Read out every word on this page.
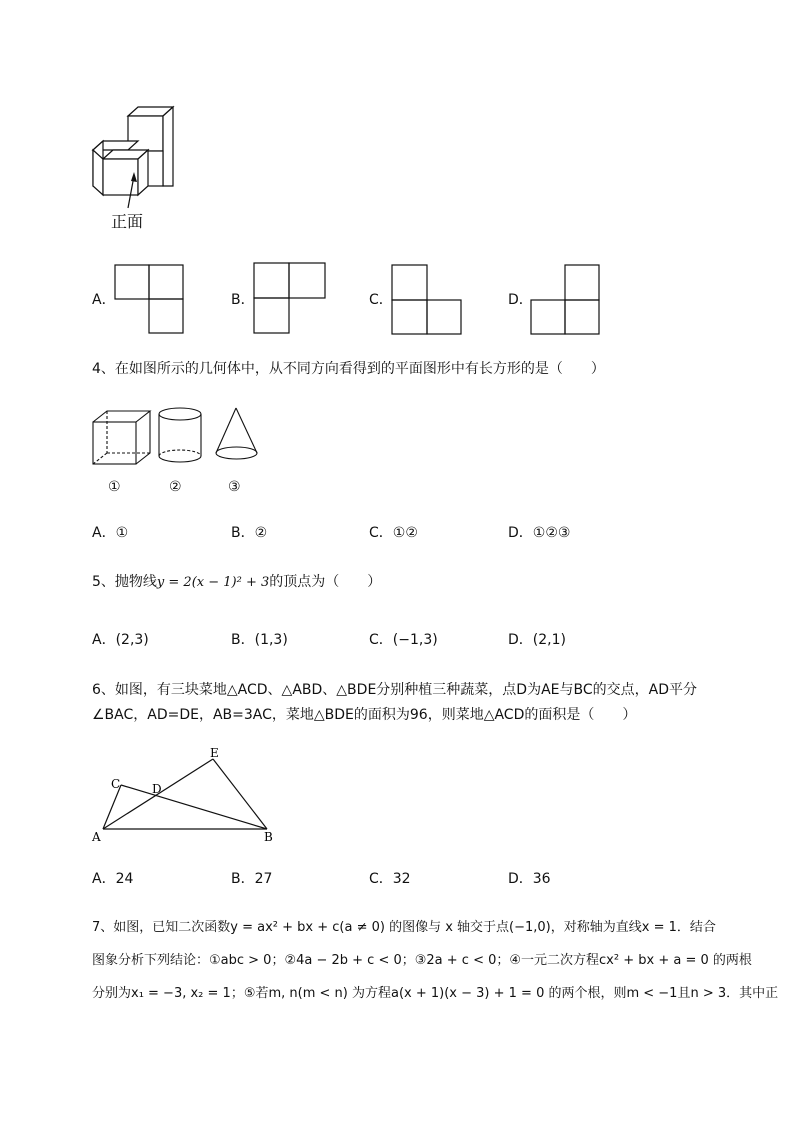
正面
A．	B．	C．	D．
4、在如图所示的几何体中，从不同方向看得到的平面图形中有长方形的是（　　）
①	②	③
A．①	B．②	C．①②	D．①②③
5、抛物线y = 2(x − 1)² + 3的顶点为（　　）
A．(2,3)	B．(1,3)	C．(−1,3)	D．(2,1)
6、如图，有三块菜地△ACD、△ABD、△BDE分别种植三种蔬菜，点D为AE与BC的交点，AD平分
∠BAC，AD=DE，AB=3AC，菜地△BDE的面积为96，则菜地△ACD的面积是（　　）
A	B
C	D
E
A．24	B．27	C．32	D．36
7、如图，已知二次函数y = ax² + bx + c(a ≠ 0) 的图像与 x 轴交于点(−1,0)，对称轴为直线x = 1．结合
图象分析下列结论：①abc > 0；②4a − 2b + c < 0；③2a + c < 0；④一元二次方程cx² + bx + a = 0 的两根
分别为x₁ = −3, x₂ = 1；⑤若m, n(m < n) 为方程a(x + 1)(x − 3) + 1 = 0 的两个根，则m < −1且n > 3．其中正
